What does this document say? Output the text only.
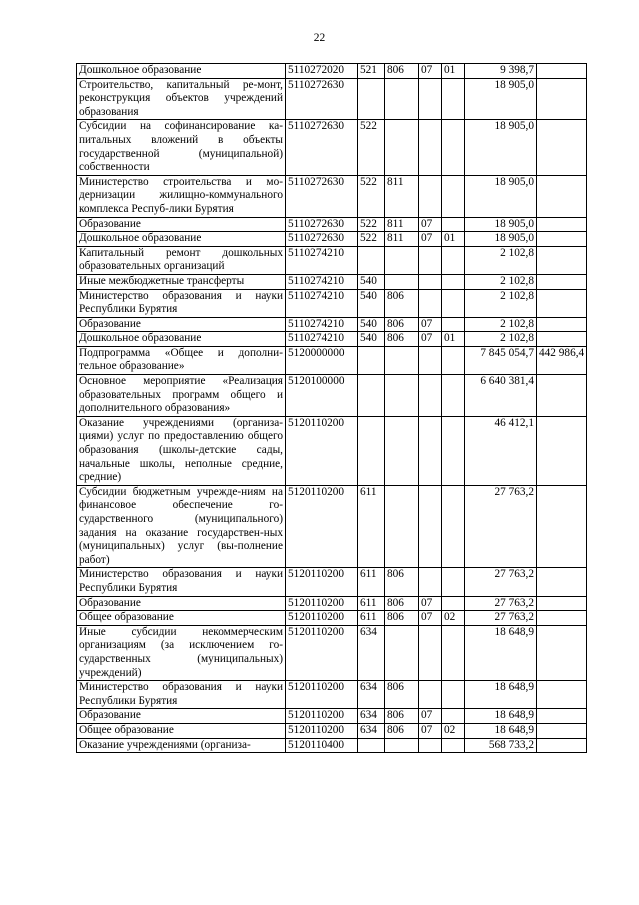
22
Дошкольное образование	5110272020	521	806	07	01	9 398,7	
Строительство, капитальный ре-монт, реконструкция объектов учреждений образования	5110272630					18 905,0	
Субсидии на софинансирование ка-питальных вложений в объекты государственной (муниципальной) собственности	5110272630	522				18 905,0	
Министерство строительства и мо-дернизации жилищно-коммунального комплекса Респуб-лики Бурятия	5110272630	522	811			18 905,0	
Образование	5110272630	522	811	07		18 905,0	
Дошкольное образование	5110272630	522	811	07	01	18 905,0	
Капитальный ремонт дошкольных образовательных организаций	5110274210					2 102,8	
Иные межбюджетные трансферты	5110274210	540				2 102,8	
Министерство образования и науки Республики Бурятия	5110274210	540	806			2 102,8	
Образование	5110274210	540	806	07		2 102,8	
Дошкольное образование	5110274210	540	806	07	01	2 102,8	
Подпрограмма «Общее и дополни-тельное образование»	5120000000					7 845 054,7	442 986,4
Основное мероприятие «Реализация образовательных программ общего и дополнительного образования»	5120100000					6 640 381,4	
Оказание учреждениями (организа-циями) услуг по предоставлению общего образования (школы-детские сады, начальные школы, неполные средние, средние)	5120110200					46 412,1	
Субсидии бюджетным учрежде-ниям на финансовое обеспечение го-сударственного (муниципального) задания на оказание государствен-ных (муниципальных) услуг (вы-полнение работ)	5120110200	611				27 763,2	
Министерство образования и науки Республики Бурятия	5120110200	611	806			27 763,2	
Образование	5120110200	611	806	07		27 763,2	
Общее образование	5120110200	611	806	07	02	27 763,2	
Иные субсидии некоммерческим организациям (за исключением го-сударственных (муниципальных) учреждений)	5120110200	634				18 648,9	
Министерство образования и науки Республики Бурятия	5120110200	634	806			18 648,9	
Образование	5120110200	634	806	07		18 648,9	
Общее образование	5120110200	634	806	07	02	18 648,9	
Оказание учреждениями (организа-	5120110400					568 733,2	
